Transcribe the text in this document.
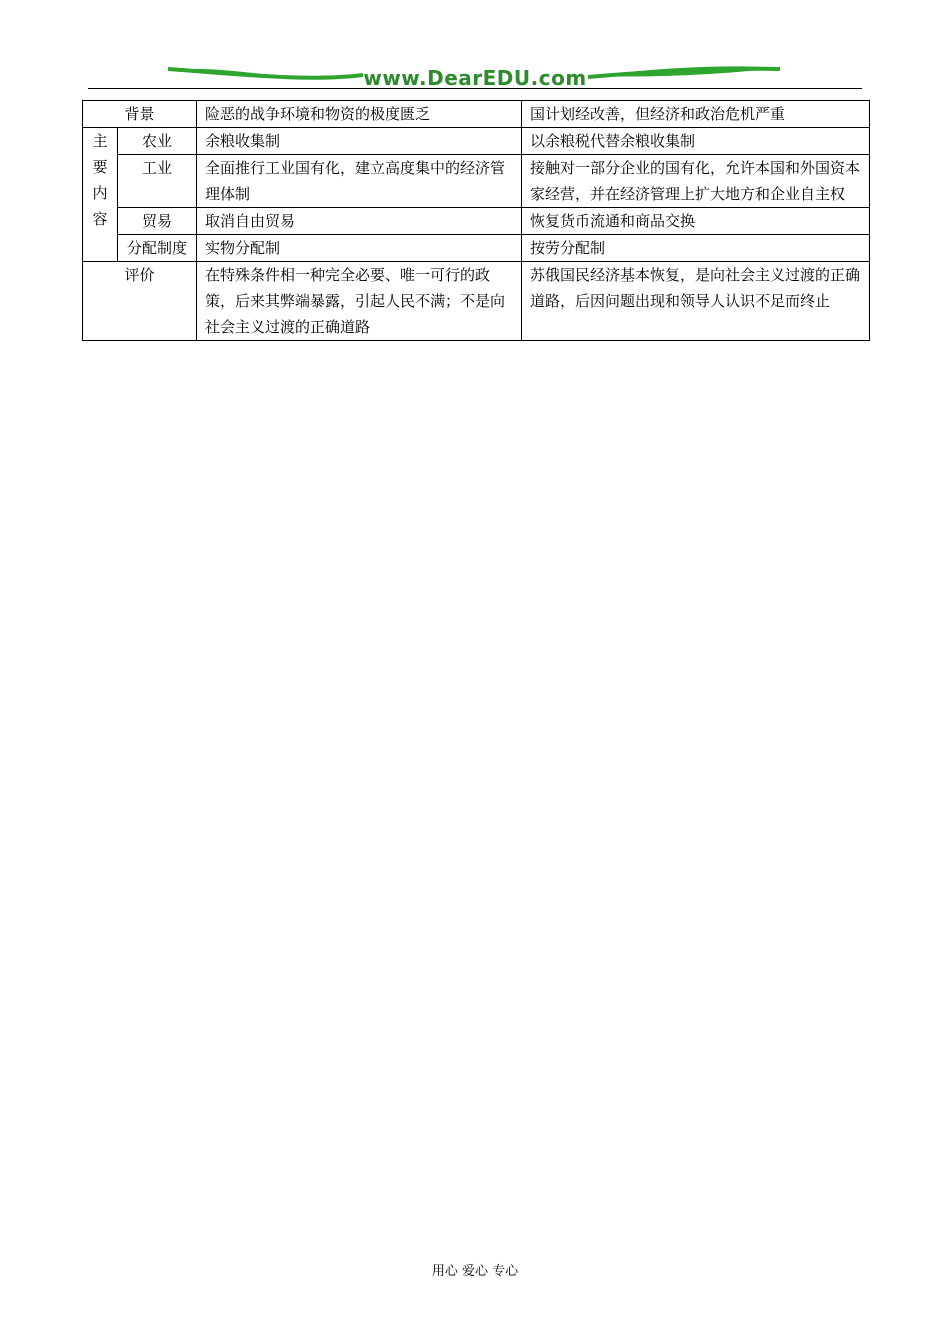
www.DearEDU.com
背景		险恶的战争环境和物资的极度匮乏	国计划经改善，但经济和政治危机严重

主要内容	农业	余粮收集制	以余粮税代替余粮收集制
	工业	全面推行工业国有化，建立高度集中的经济管理体制	接触对一部分企业的国有化，允许本国和外国资本家经营，并在经济管理上扩大地方和企业自主权
	贸易	取消自由贸易	恢复货币流通和商品交换
	分配制度	实物分配制	按劳分配制
评价		在特殊条件相一种完全必要、唯一可行的政策，后来其弊端暴露，引起人民不满；不是向社会主义过渡的正确道路	苏俄国民经济基本恢复，是向社会主义过渡的正确道路，后因问题出现和领导人认识不足而终止
用心 爱心 专心
